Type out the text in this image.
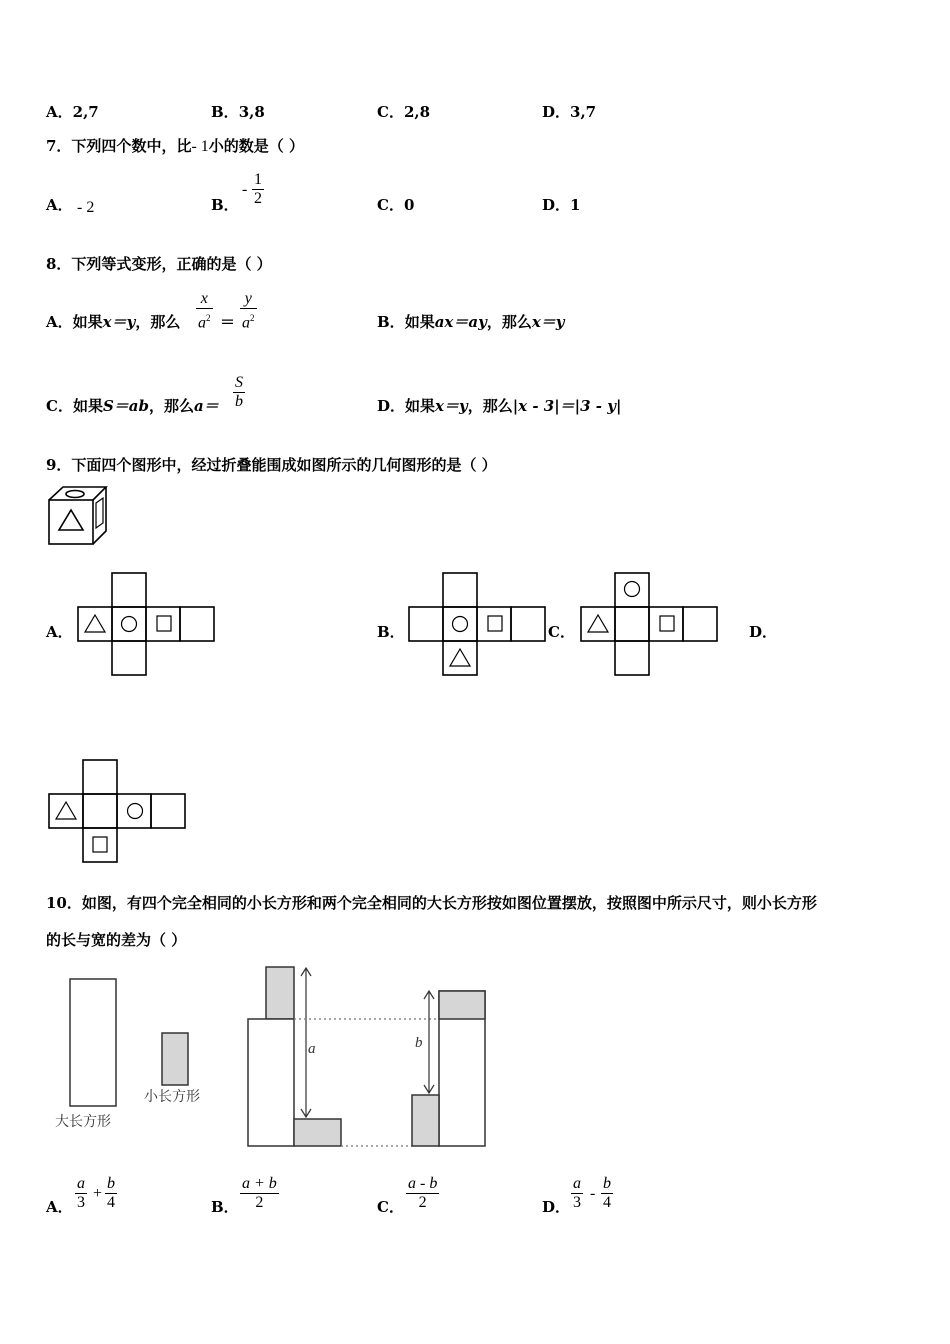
A．2,7	B．3,8	C．2,8	D．3,7
7．下列四个数中，比- 1小的数是（ ）
A． - 2	B．
-
1
2	C．0	D．1
8．下列等式变形，正确的是（ ）
A．如果x＝y，那么
x
$a^2$ ＝
y
$a^2$	B．如果ax＝ay，那么x＝y
C．如果S＝ab，那么a＝
S
b	D．如果x＝y，那么|x - 3|＝|3 - y|
9．下面四个图形中，经过折叠能围成如图所示的几何图形的是（ ）
A．	B．	C．	D．
10．如图，有四个完全相同的小长方形和两个完全相同的大长方形按如图位置摆放，按照图中所示尺寸，则小长方形
的长与宽的差为（ ）
大长方形
小长方形
a	b
A．
a
3
+
b
4	B．
a + b
2	C．
a - b
2	D．
a
3
-
b
4
